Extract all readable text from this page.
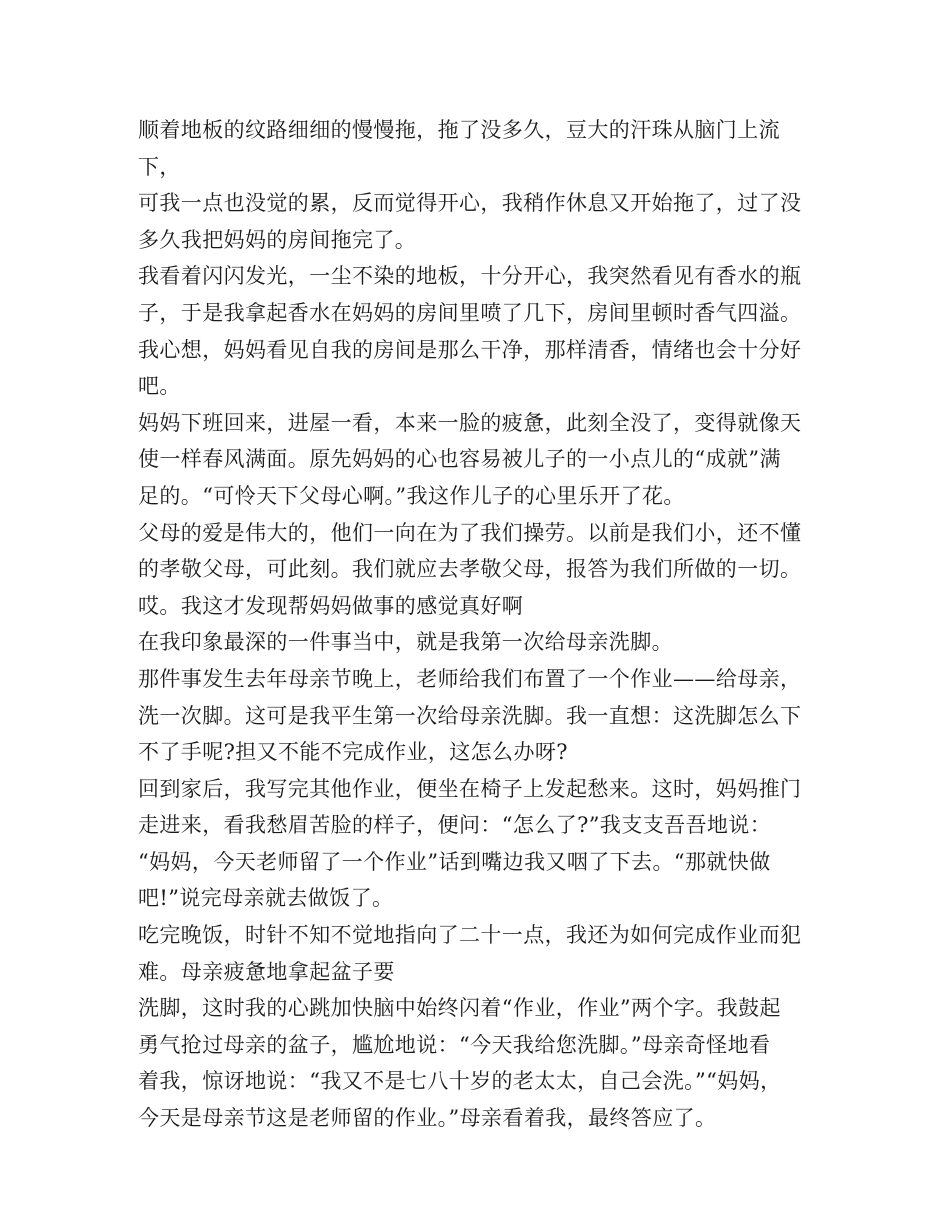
顺着地板的纹路细细的慢慢拖，拖了没多久，豆大的汗珠从脑门上流下，

可我一点也没觉的累，反而觉得开心，我稍作休息又开始拖了，过了没

多久我把妈妈的房间拖完了。

我看着闪闪发光，一尘不染的地板，十分开心，我突然看见有香水的瓶

子，于是我拿起香水在妈妈的房间里喷了几下，房间里顿时香气四溢。

我心想，妈妈看见自我的房间是那么干净，那样清香，情绪也会十分好

吧。

妈妈下班回来，进屋一看，本来一脸的疲惫，此刻全没了，变得就像天

使一样春风满面。原先妈妈的心也容易被儿子的一小点儿的“成就”满

足的。“可怜天下父母心啊。”我这作儿子的心里乐开了花。

父母的爱是伟大的，他们一向在为了我们操劳。以前是我们小，还不懂

的孝敬父母，可此刻。我们就应去孝敬父母，报答为我们所做的一切。

哎。我这才发现帮妈妈做事的感觉真好啊

在我印象最深的一件事当中，就是我第一次给母亲洗脚。

那件事发生去年母亲节晚上，老师给我们布置了一个作业——给母亲，

洗一次脚。这可是我平生第一次给母亲洗脚。我一直想：这洗脚怎么下

不了手呢?担又不能不完成作业，这怎么办呀?

回到家后，我写完其他作业，便坐在椅子上发起愁来。这时，妈妈推门

走进来，看我愁眉苦脸的样子，便问：“怎么了?”我支支吾吾地说：

“妈妈，今天老师留了一个作业”话到嘴边我又咽了下去。“那就快做

吧!”说完母亲就去做饭了。

吃完晚饭，时针不知不觉地指向了二十一点，我还为如何完成作业而犯

难。母亲疲惫地拿起盆子要

洗脚，这时我的心跳加快脑中始终闪着“作业，作业”两个字。我鼓起

勇气抢过母亲的盆子，尴尬地说：“今天我给您洗脚。”母亲奇怪地看

着我，惊讶地说：“我又不是七八十岁的老太太，自己会洗。”“妈妈，

今天是母亲节这是老师留的作业。”母亲看着我，最终答应了。
